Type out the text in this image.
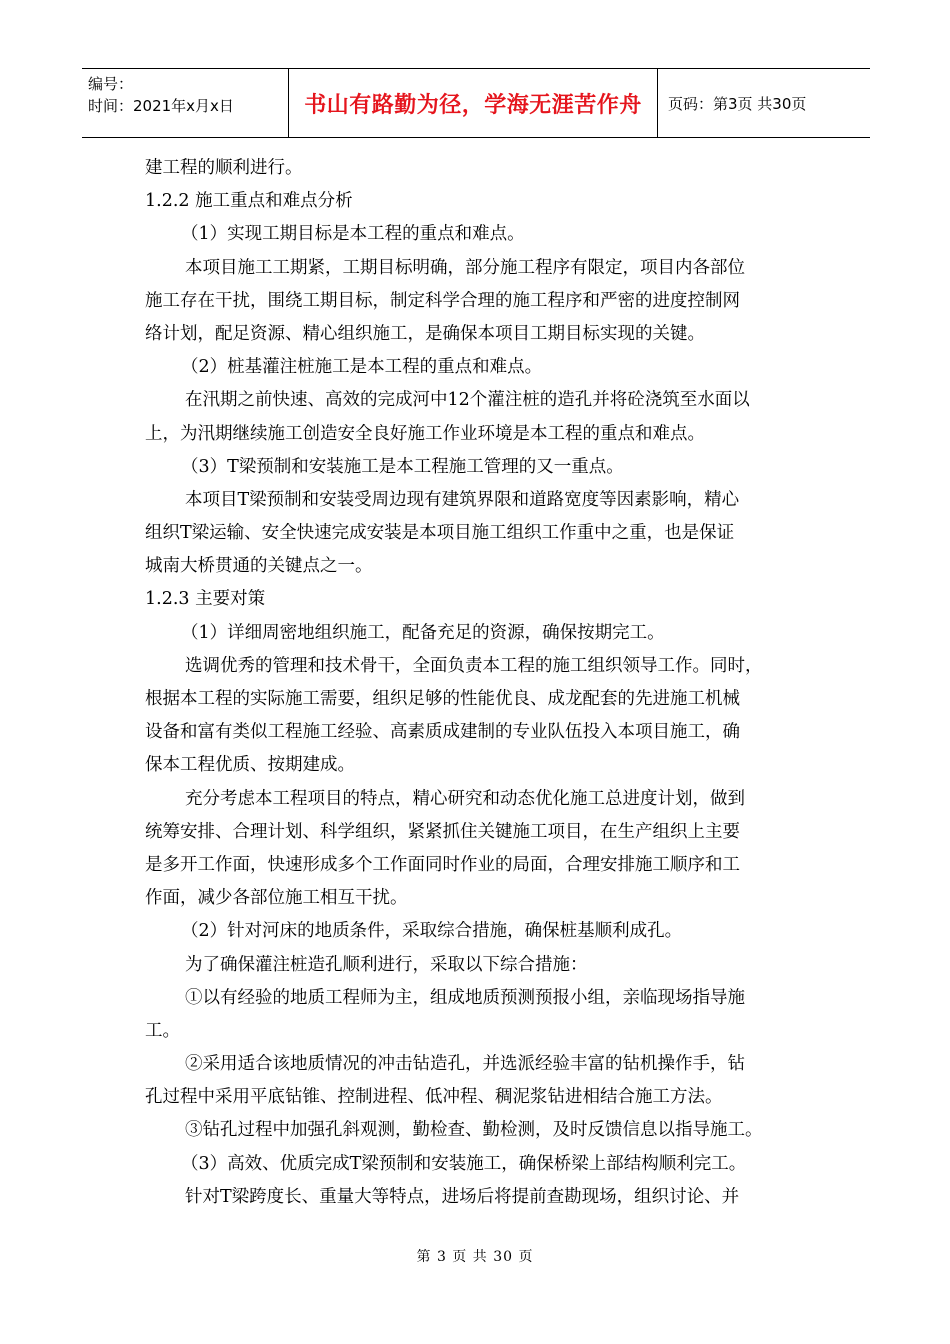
编号：
时间：2021年x月x日	书山有路勤为径，学海无涯苦作舟	页码：第3页 共30页
建工程的顺利进行。
1.2.2 施工重点和难点分析
（1）实现工期目标是本工程的重点和难点。
本项目施工工期紧，工期目标明确，部分施工程序有限定，项目内各部位
施工存在干扰，围绕工期目标，制定科学合理的施工程序和严密的进度控制网
络计划，配足资源、精心组织施工，是确保本项目工期目标实现的关键。
（2）桩基灌注桩施工是本工程的重点和难点。
在汛期之前快速、高效的完成河中12个灌注桩的造孔并将砼浇筑至水面以
上，为汛期继续施工创造安全良好施工作业环境是本工程的重点和难点。
（3）T梁预制和安装施工是本工程施工管理的又一重点。
本项目T梁预制和安装受周边现有建筑界限和道路宽度等因素影响，精心
组织T梁运输、安全快速完成安装是本项目施工组织工作重中之重，也是保证
城南大桥贯通的关键点之一。
1.2.3 主要对策
（1）详细周密地组织施工，配备充足的资源，确保按期完工。
选调优秀的管理和技术骨干，全面负责本工程的施工组织领导工作。同时，
根据本工程的实际施工需要，组织足够的性能优良、成龙配套的先进施工机械
设备和富有类似工程施工经验、高素质成建制的专业队伍投入本项目施工，确
保本工程优质、按期建成。
充分考虑本工程项目的特点，精心研究和动态优化施工总进度计划，做到
统筹安排、合理计划、科学组织，紧紧抓住关键施工项目，在生产组织上主要
是多开工作面，快速形成多个工作面同时作业的局面，合理安排施工顺序和工
作面，减少各部位施工相互干扰。
（2）针对河床的地质条件，采取综合措施，确保桩基顺利成孔。
为了确保灌注桩造孔顺利进行，采取以下综合措施：
①以有经验的地质工程师为主，组成地质预测预报小组，亲临现场指导施
工。
②采用适合该地质情况的冲击钻造孔，并选派经验丰富的钻机操作手，钻
孔过程中采用平底钻锥、控制进程、低冲程、稠泥浆钻进相结合施工方法。
③钻孔过程中加强孔斜观测，勤检查、勤检测，及时反馈信息以指导施工。
（3）高效、优质完成T梁预制和安装施工，确保桥梁上部结构顺利完工。
针对T梁跨度长、重量大等特点，进场后将提前查勘现场，组织讨论、并
第 3 页 共 30 页
